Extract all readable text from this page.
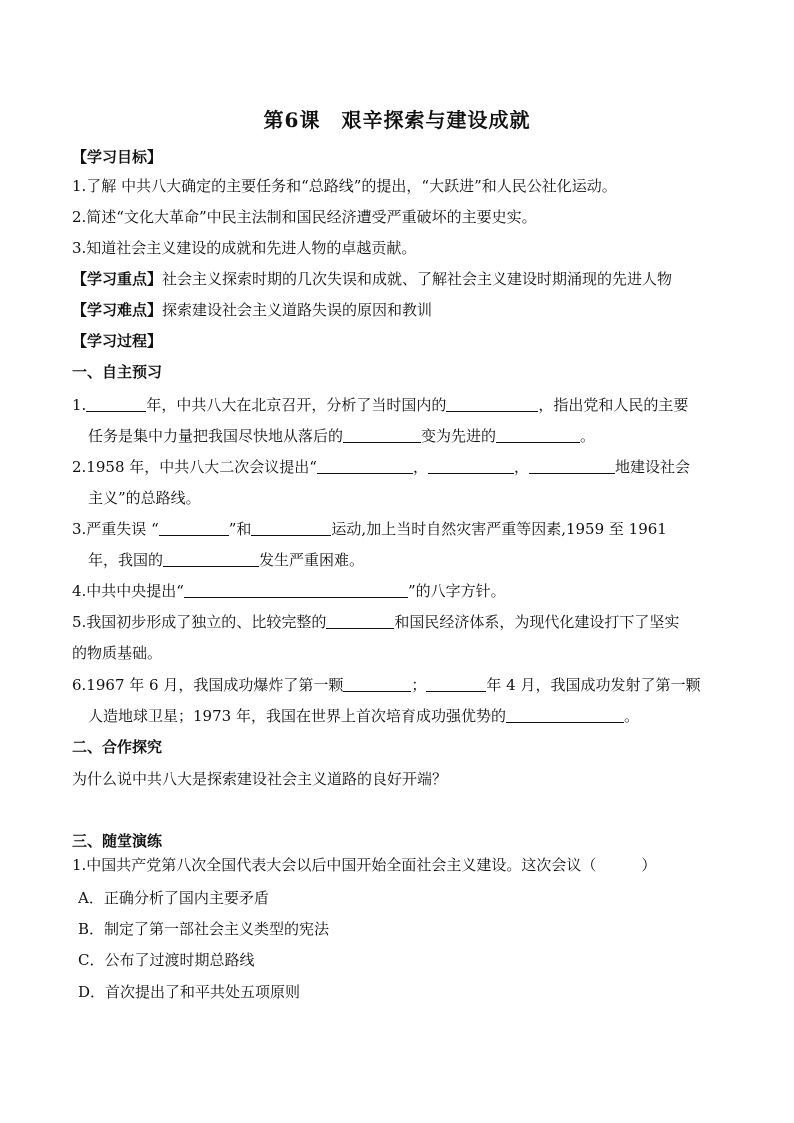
第6课　艰辛探索与建设成就
【学习目标】
1.了解 中共八大确定的主要任务和“总路线”的提出，“大跃进”和人民公社化运动。
2.简述“文化大革命”中民主法制和国民经济遭受严重破坏的主要史实。
3.知道社会主义建设的成就和先进人物的卓越贡献。
【学习重点】社会主义探索时期的几次失误和成就、了解社会主义建设时期涌现的先进人物
【学习难点】探索建设社会主义道路失误的原因和教训
【学习过程】
一、自主预习
1.	年，中共八大在北京召开，分析了当时国内的	，指出党和人民的主要
任务是集中力量把我国尽快地从落后的	变为先进的	。
2.1958 年，中共八大二次会议提出“	，	，	地建设社会
主义”的总路线。
3.严重失误 “	”和	运动,加上当时自然灾害严重等因素,1959 至 1961
年，我国的	发生严重困难。
4.中共中央提出“	”的八字方针。
5.我国初步形成了独立的、比较完整的	和国民经济体系，为现代化建设打下了坚实
的物质基础。
6.1967 年 6 月，我国成功爆炸了第一颗	；	年 4 月，我国成功发射了第一颗
人造地球卫星；1973 年，我国在世界上首次培育成功强优势的	。
二、合作探究
为什么说中共八大是探索建设社会主义道路的良好开端？
三、随堂演练
1.中国共产党第八次全国代表大会以后中国开始全面社会主义建设。这次会议（　　　）
A．正确分析了国内主要矛盾
B．制定了第一部社会主义类型的宪法
C．公布了过渡时期总路线
D．首次提出了和平共处五项原则
